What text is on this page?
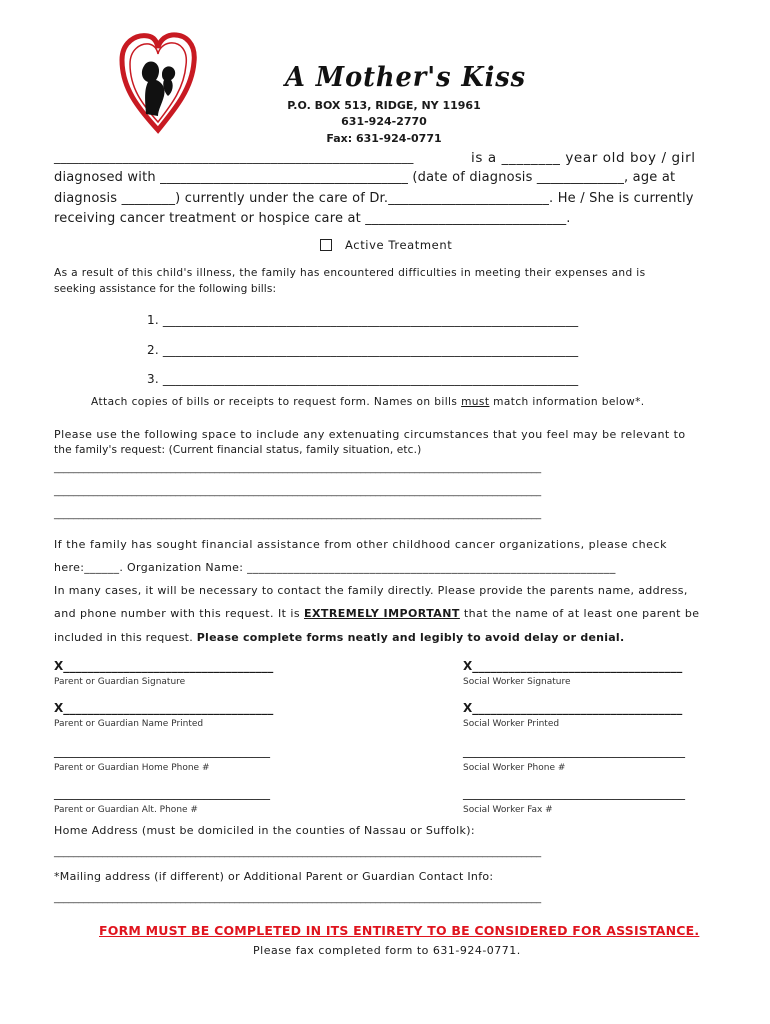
A Mother's Kiss
P.O. BOX 513, RIDGE, NY 11961
631-924-2770
Fax: 631-924-0771
__________________________________________________________	is a ________ year old boy / girl
diagnosed with _____________________________________ (date of diagnosis _____________, age at
diagnosis ________) currently under the care of Dr.________________________. He / She is currently
receiving cancer treatment or hospice care at ______________________________.
Active Treatment
As a result of this child's illness, the family has encountered difficulties in meeting their expenses and is
seeking assistance for the following bills:
1. ___________________________________________________________________
2. ___________________________________________________________________
3. ___________________________________________________________________
Attach copies of bills or receipts to request form. Names on bills must match information below*.
Please use the following space to include any extenuating circumstances that you feel may be relevant to
the family's request: (Current financial status, family situation, etc.)
____________________________________________________________________________________________________
____________________________________________________________________________________________________
____________________________________________________________________________________________________
If the family has sought financial assistance from other childhood cancer organizations, please check
here:______. Organization Name: _______________________________________________________________
In many cases, it will be necessary to contact the family directly. Please provide the parents name, address,
and phone number with this request. It is EXTREMELY IMPORTANT that the name of at least one parent be
included in this request. Please complete forms neatly and legibly to avoid delay or denial.
X___________________________________	X___________________________________
Parent or Guardian Signature	Social Worker Signature
X___________________________________	X___________________________________
Parent or Guardian Name Printed	Social Worker Printed
____________________________________	_____________________________________
Parent or Guardian Home Phone #	Social Worker Phone #
____________________________________	_____________________________________
Parent or Guardian Alt. Phone #	Social Worker Fax #
Home Address (must be domiciled in the counties of Nassau or Suffolk):
____________________________________________________________________________________________________
*Mailing address (if different) or Additional Parent or Guardian Contact Info:
____________________________________________________________________________________________________
FORM MUST BE COMPLETED IN ITS ENTIRETY TO BE CONSIDERED FOR ASSISTANCE.
Please fax completed form to 631-924-0771.
